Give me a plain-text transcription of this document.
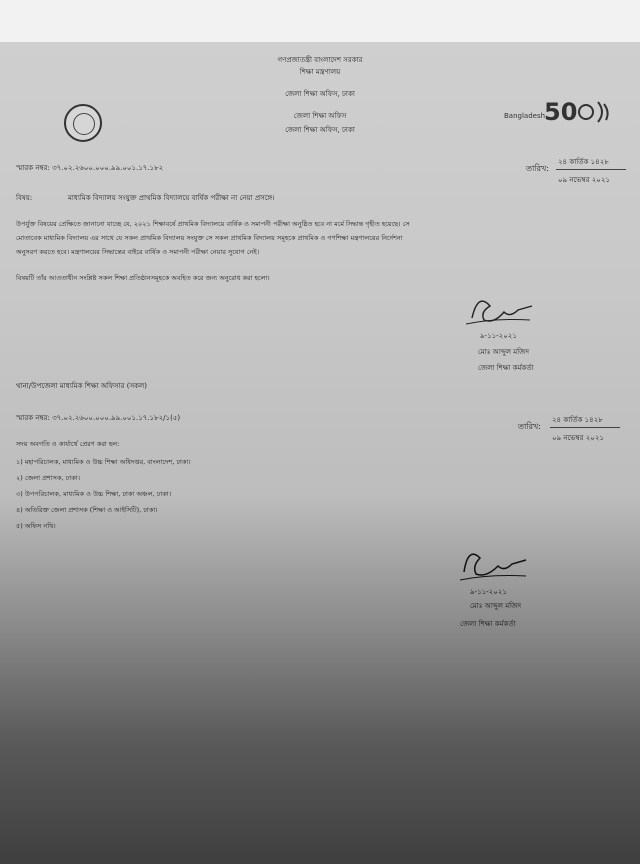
Bangladesh
50
গণপ্রজাতন্ত্রী বাংলাদেশ সরকার
শিক্ষা মন্ত্রণালয়
জেলা শিক্ষা অফিস, ঢাকা
জেলা শিক্ষা অফিস
জেলা শিক্ষা অফিস, ঢাকা
স্মারক নম্বর: ৩৭.০২.২৬০০.০০০.৯৯.০০১.১৭.১৮২	তারিখ:
২৪ কার্তিক ১৪২৮
০৯ নভেম্বর ২০২১
বিষয়:	মাধ্যমিক বিদ্যালয় সংযুক্ত প্রাথমিক বিদ্যালয়ে বার্ষিক পরীক্ষা না নেয়া প্রসঙ্গে।
উপর্যুক্ত বিষয়ের প্রেক্ষিতে জানানো যাচ্ছে যে, ২০২১ শিক্ষাবর্ষে প্রাথমিক বিদ্যালয়ে বার্ষিক ও সমাপনী পরীক্ষা অনুষ্ঠিত হবে না মর্মে সিদ্ধান্ত গৃহীত হয়েছে। সে
মোতাবেক মাধ্যমিক বিদ্যালয় এর সাথে যে সকল প্রাথমিক বিদ্যালয় সংযুক্ত সে সকল প্রাথমিক বিদ্যালয় সমূহকে প্রাথমিক ও গণশিক্ষা মন্ত্রণালয়ের নির্দেশনা
অনুসরণ করতে হবে। মন্ত্রণালয়ের সিদ্ধান্তের বাইরে বার্ষিক ও সমাপনী পরীক্ষা নেয়ার সুযোগ নেই।
বিষয়টি তাঁর আওতাধীন সংশ্লিষ্ট সকল শিক্ষা প্রতিষ্ঠানসমূহকে অবহিত করে জন্য অনুরোধ করা হলো।
৯-১১-২০২১
মোঃ আব্দুল মজিদ
জেলা শিক্ষা কর্মকর্তা
থানা/উপজেলা মাধ্যমিক শিক্ষা অফিসার (সকল)
স্মারক নম্বর: ৩৭.০২.২৬০০.০০০.৯৯.০০১.১৭.১৮২/১(৫)
তারিখ:
২৪ কার্তিক ১৪২৮
০৯ নভেম্বর ২০২১
সদয় অবগতি ও কার্যার্থে প্রেরণ করা হল:
১) মহাপরিচালক, মাধ্যমিক ও উচ্চ শিক্ষা অধিদপ্তর, বাংলাদেশ, ঢাকা।
২) জেলা প্রশাসক, ঢাকা।
৩) উপপরিচালক, মাধ্যমিক ও উচ্চ শিক্ষা, ঢাকা অঞ্চল, ঢাকা।
৪) অতিরিক্ত জেলা প্রশাসক (শিক্ষা ও আইসিটি), ঢাকা।
৫) অফিস নথি।
৯-১১-২০২১
মোঃ আব্দুল মজিদ
জেলা শিক্ষা কর্মকর্তা
